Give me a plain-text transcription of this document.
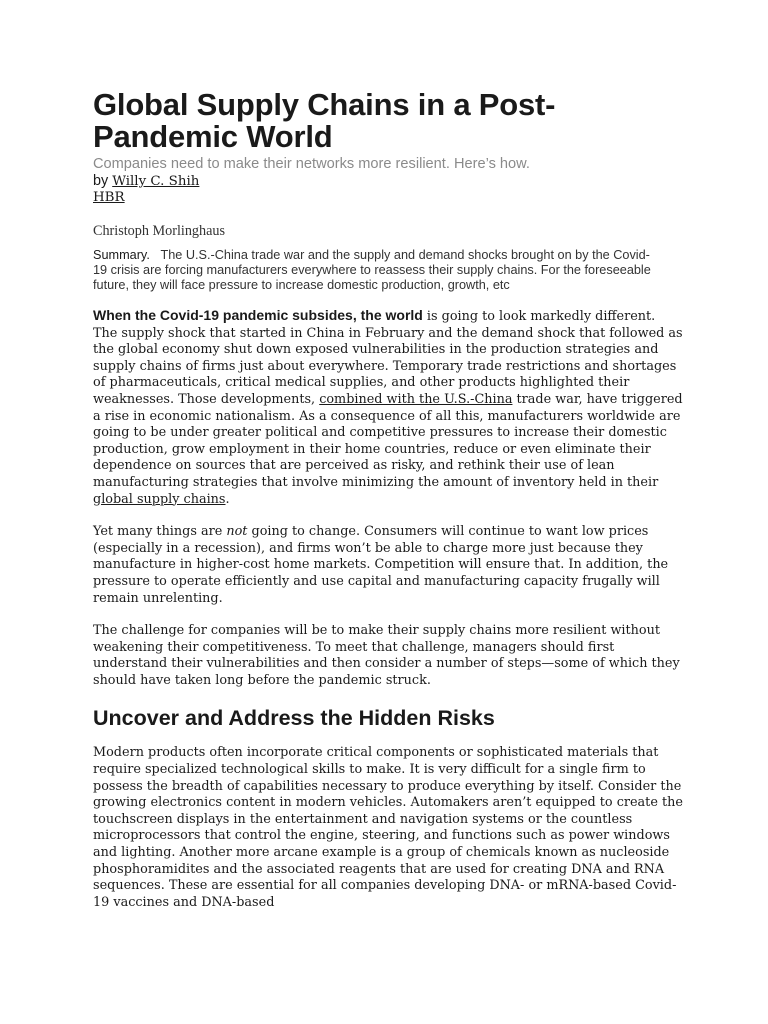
Global Supply Chains in a Post-Pandemic World

Companies need to make their networks more resilient. Here’s how.

by Willy C. Shih

HBR

Christoph Morlinghaus

Summary. The U.S.-China trade war and the supply and demand shocks brought on by the Covid-19 crisis are forcing manufacturers everywhere to reassess their supply chains. For the foreseeable future, they will face pressure to increase domestic production, growth, etc

When the Covid-19 pandemic subsides, the world is going to look markedly different. The supply shock that started in China in February and the demand shock that followed as the global economy shut down exposed vulnerabilities in the production strategies and supply chains of firms just about everywhere. Temporary trade restrictions and shortages of pharmaceuticals, critical medical supplies, and other products highlighted their weaknesses. Those developments, combined with the U.S.-China trade war, have triggered a rise in economic nationalism. As a consequence of all this, manufacturers worldwide are going to be under greater political and competitive pressures to increase their domestic production, grow employment in their home countries, reduce or even eliminate their dependence on sources that are perceived as risky, and rethink their use of lean manufacturing strategies that involve minimizing the amount of inventory held in their global supply chains.

Yet many things are not going to change. Consumers will continue to want low prices (especially in a recession), and firms won’t be able to charge more just because they manufacture in higher-cost home markets. Competition will ensure that. In addition, the pressure to operate efficiently and use capital and manufacturing capacity frugally will remain unrelenting.

The challenge for companies will be to make their supply chains more resilient without weakening their competitiveness. To meet that challenge, managers should first understand their vulnerabilities and then consider a number of steps—some of which they should have taken long before the pandemic struck.

Uncover and Address the Hidden Risks

Modern products often incorporate critical components or sophisticated materials that require specialized technological skills to make. It is very difficult for a single firm to possess the breadth of capabilities necessary to produce everything by itself. Consider the growing electronics content in modern vehicles. Automakers aren’t equipped to create the touchscreen displays in the entertainment and navigation systems or the countless microprocessors that control the engine, steering, and functions such as power windows and lighting. Another more arcane example is a group of chemicals known as nucleoside phosphoramidites and the associated reagents that are used for creating DNA and RNA sequences. These are essential for all companies developing DNA- or mRNA-based Covid-19 vaccines and DNA-based
